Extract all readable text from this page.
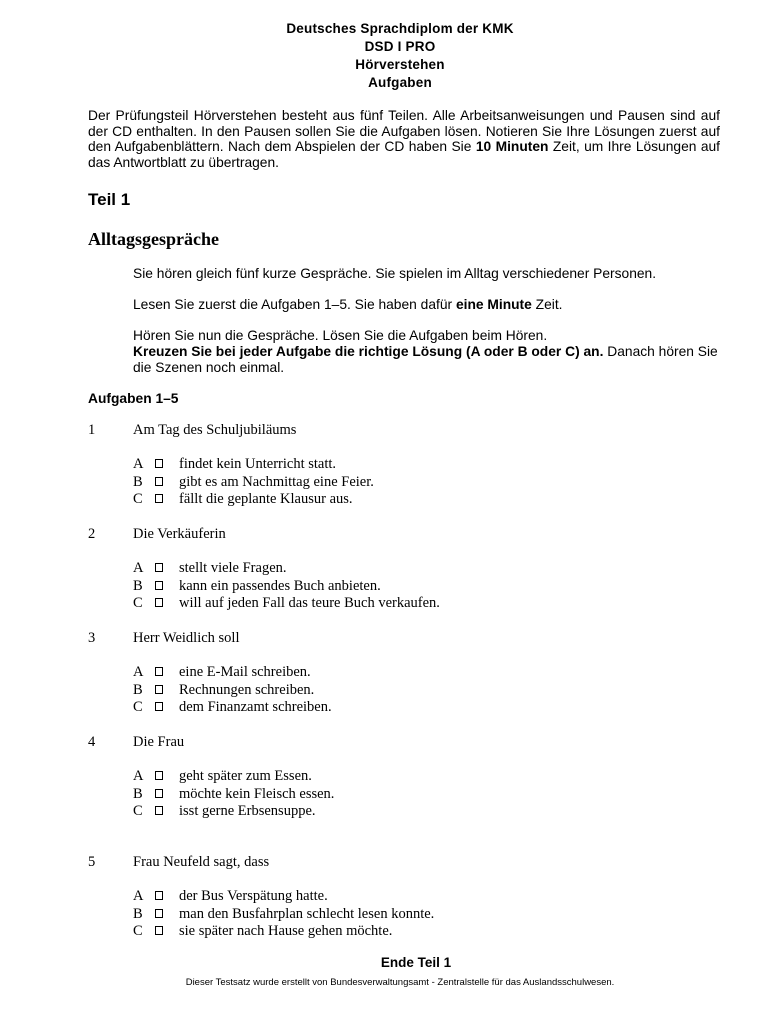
Deutsches Sprachdiplom der KMK
DSD I PRO
Hörverstehen
Aufgaben
Der Prüfungsteil Hörverstehen besteht aus fünf Teilen. Alle Arbeitsanweisungen und Pausen sind auf der CD enthalten. In den Pausen sollen Sie die Aufgaben lösen. Notieren Sie Ihre Lösungen zuerst auf den Aufgabenblättern. Nach dem Abspielen der CD haben Sie 10 Minuten Zeit, um Ihre Lösungen auf das Antwortblatt zu übertragen.
Teil 1
Alltagsgespräche
Sie hören gleich fünf kurze Gespräche. Sie spielen im Alltag verschiedener Personen.
Lesen Sie zuerst die Aufgaben 1–5. Sie haben dafür eine Minute Zeit.
Hören Sie nun die Gespräche. Lösen Sie die Aufgaben beim Hören.
Kreuzen Sie bei jeder Aufgabe die richtige Lösung (A oder B oder C) an. Danach hören Sie die Szenen noch einmal.
Aufgaben 1–5
1	Am Tag des Schuljubiläums
A findet kein Unterricht statt.
B	gibt es am Nachmittag eine Feier.
C	fällt die geplante Klausur aus.
2	Die Verkäuferin
A stellt viele Fragen.
B	kann ein passendes Buch anbieten.
C	will auf jeden Fall das teure Buch verkaufen.
3	Herr Weidlich soll
A eine E-Mail schreiben.
B	Rechnungen schreiben.
C	dem Finanzamt schreiben.
4	Die Frau
A geht später zum Essen.
B	möchte kein Fleisch essen.
C	isst gerne Erbsensuppe.
5	Frau Neufeld sagt, dass
A der Bus Verspätung hatte.
B	man den Busfahrplan schlecht lesen konnte.
C	sie später nach Hause gehen möchte.
Ende Teil 1
Dieser Testsatz wurde erstellt von Bundesverwaltungsamt - Zentralstelle für das Auslandsschulwesen.
